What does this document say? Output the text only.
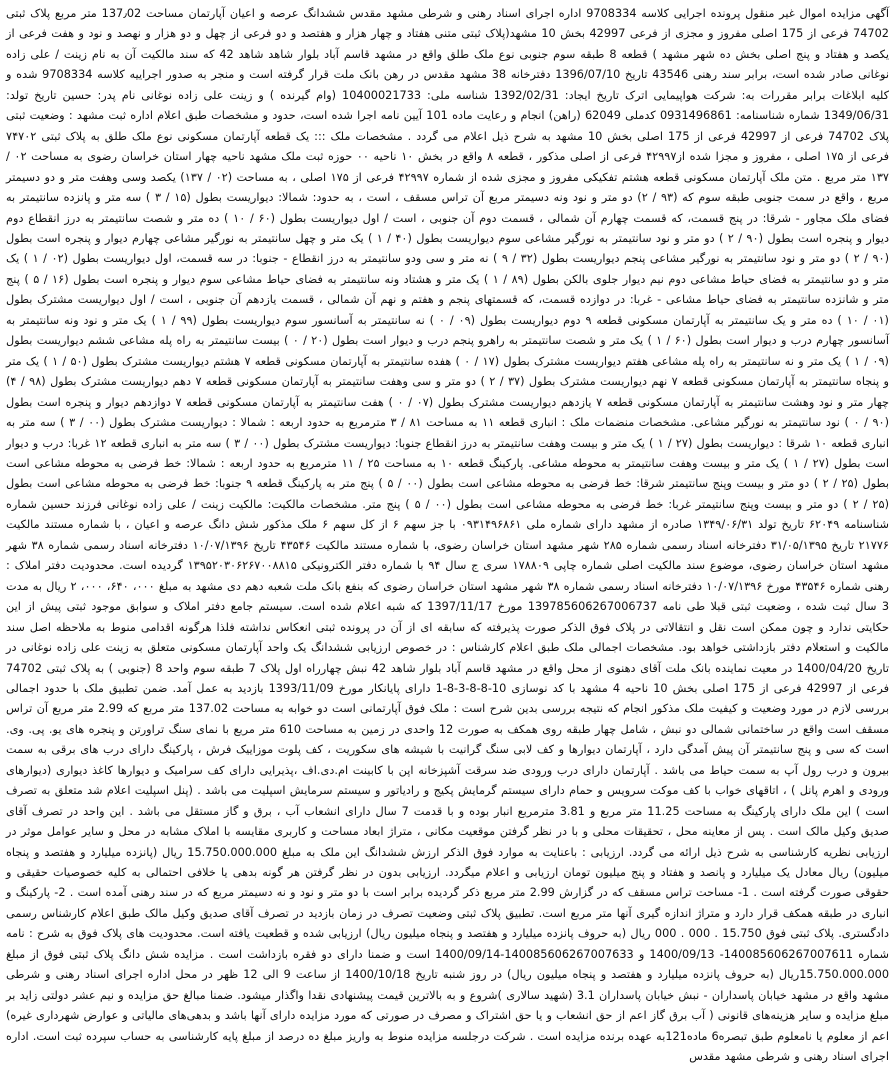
آگهی مزایده اموال غیر منقول پرونده اجرایی کلاسه 9708334 اداره اجرای اسناد رهنی و شرطی مشهد مقدس ششدانگ عرصه و اعیان آپارتمان مساحت 137٫02 متر مربع پلاک ثبتی 74702 فرعی از 175 اصلی مفروز و مجزی از فرعی 42997 بخش 10 مشهد(پلاک ثبتی متنی هفتاد و چهار هزار و هفتصد و دو فرعی از چهل و دو هزار و نهصد و نود و هفت فرعی از یکصد و هفتاد و پنج اصلی بخش ده شهر مشهد ) قطعه 8 طبقه سوم جنوبی نوع ملک طلق واقع در مشهد قاسم آباد بلوار شاهد شاهد 42 که سند مالکیت آن به نام زینت / علی زاده نوغانی صادر شده است، برابر سند رهنی 43546 تاریخ 1396/07/10 دفترخانه 38 مشهد مقدس در رهن بانک ملت قرار گرفته است و منجر به صدور اجراییه کلاسه 9708334 شده و کلیه ابلاغات برابر مقررات به: شرکت هواپیمایی اترک تاریخ ایجاد: 1392/02/31 شناسه ملی: 10400021733 (وام گیرنده ) و زینت علی زاده نوغانی نام پدر: حسین تاریخ تولد: 1349/06/31 شماره شناسنامه: 0931496861 کدملی 62049 (راهن) انجام و رعایت ماده 101 آیین نامه اجرا شده است، حدود و مشخصات طبق اعلام اداره ثبت مشهد : وضعیت ثبتی پلاک 74702 فرعی از 42997 فرعی از 175 اصلی بخش 10 مشهد به شرح ذیل اعلام می گردد . مشخصات ملک ::: یک قطعه آپارتمان مسکونی نوع ملک طلق به پلاک ثبتی ۷۴۷۰۲ فرعی از ۱۷۵ اصلی ، مفروز و مجزا شده از۴۲۹۹۷ فرعی از اصلی مذکور ، قطعه ۸ واقع در بخش ۱۰ ناحیه ۰۰ حوزه ثبت ملک مشهد ناحیه چهار استان خراسان رضوی به مساحت ۰۲ / ۱۳۷ متر مربع . متن ملک آپارتمان مسکونی قطعه هشتم تفکیکی مفروز و مجزی شده از شماره ۴۲۹۹۷ فرعی از ۱۷۵ اصلی ، به مساحت (۰۲ / ۱۳۷) یکصد وسی وهفت متر و دو دسیمتر مربع ، واقع در سمت جنوبی طبقه سوم که (۹۳ / ۲) دو متر و نود ونه دسیمتر مربع آن تراس مسقف ، است ، به حدود: شمالا: دیواریست بطول (۱۵ / ۳ ) سه متر و پانزده سانتیمتر به فضای ملک مجاور - شرقا: در پنج قسمت، که قسمت چهارم آن شمالی ، قسمت دوم آن جنوبی ، است / اول دیواریست بطول (۶۰ / ۱۰ ) ده متر و شصت سانتیمتر به درز انقطاع دوم دیوار و پنجره است بطول (۹۰ / ۲ ) دو متر و نود سانتیمتر به نورگیر مشاعی سوم دیواریست بطول (۴۰ / ۱ ) یک متر و چهل سانتیمتر به نورگیر مشاعی چهارم دیوار و پنجره است بطول (۹۰ / ۲ ) دو متر و نود سانتیمتر به نورگیر مشاعی پنجم دیواریست بطول (۳۲ / ۹ ) نه متر و سی ودو سانتیمتر به درز انقطاع - جنوبا: در سه قسمت، اول دیواریست بطول (۰۲ / ۱ ) یک متر و دو سانتیمتر به فضای حیاط مشاعی دوم نیم دیوار جلوی بالکن بطول (۸۹ / ۱ ) یک متر و هشتاد ونه سانتیمتر به فضای حیاط مشاعی سوم دیوار و پنجره است بطول (۱۶ / ۵ ) پنج متر و شانزده سانتیمتر به فضای حیاط مشاعی - غربا: در دوازده قسمت، که قسمتهای پنجم و هفتم و نهم آن شمالی ، قسمت یازدهم آن جنوبی ، است / اول دیواریست مشترک بطول (۰۱ / ۱۰ ) ده متر و یک سانتیمتر به آپارتمان مسکونی قطعه ۹ دوم دیواریست بطول (۰۹ / ۰ ) نه سانتیمتر به آسانسور سوم دیواریست بطول (۹۹ / ۱ ) یک متر و نود ونه سانتیمتر به آسانسور چهارم درب و دیوار است بطول (۶۰ / ۱ ) یک متر و شصت سانتیمتر به راهرو پنجم درب و دیوار است بطول (۲۰ / ۰ ) بیست سانتیمتر به راه پله مشاعی ششم دیواریست بطول (۰۹ / ۱ ) یک متر و نه سانتیمتر به راه پله مشاعی هفتم دیواریست مشترک بطول (۱۷ / ۰ ) هفده سانتیمتر به آپارتمان مسکونی قطعه ۷ هشتم دیواریست مشترک بطول (۵۰ / ۱ ) یک متر و پنجاه سانتیمتر به آپارتمان مسکونی قطعه ۷ نهم دیواریست مشترک بطول (۳۷ / ۲ ) دو متر و سی وهفت سانتیمتر به آپارتمان مسکونی قطعه ۷ دهم دیواریست مشترک بطول (۹۸ / ۴) چهار متر و نود وهشت سانتیمتر به آپارتمان مسکونی قطعه ۷ یازدهم دیواریست مشترک بطول (۰۷ / ۰ ) هفت سانتیمتر به آپارتمان مسکونی قطعه ۷ دوازدهم دیوار و پنجره است بطول (۹۰ / ۰ ) نود سانتیمتر به نورگیر مشاعی. مشخصات منضمات ملک : انباری قطعه ۱۱ به مساحت ۸۱ / ۳ مترمربع به حدود اربعه : شمالا : دیواریست مشترک بطول (۰۰ / ۳ ) سه متر به انباری قطعه ۱۰ شرقا : دیواریست بطول (۲۷ / ۱ ) یک متر و بیست وهفت سانتیمتر به درز انقطاع جنوبا: دیواریست مشترک بطول (۰۰ / ۳ ) سه متر به انباری قطعه ۱۲ غربا: درب و دیوار است بطول (۲۷ / ۱ ) یک متر و بیست وهفت سانتیمتر به محوطه مشاعی. پارکینگ قطعه ۱۰ به مساحت ۲۵ / ۱۱ مترمربع به حدود اربعه : شمالا: خط فرضی به محوطه مشاعی است بطول (۲۵ / ۲ ) دو متر و بیست وپنج سانتیمتر شرقا: خط فرضی به محوطه مشاعی است بطول (۰۰ / ۵ ) پنج متر به پارکینگ قطعه ۹ جنوبا: خط فرضی به محوطه مشاعی است بطول (۲۵ / ۲ ) دو متر و بیست وپنج سانتیمتر غربا: خط فرضی به محوطه مشاعی است بطول (۰۰ / ۵ ) پنج متر. مشخصات مالکیت: مالکیت زینت / علی زاده نوغانی فرزند حسین شماره شناسنامه ۶۲۰۴۹ تاریخ تولد ۱۳۴۹/۰۶/۳۱ صادره از مشهد دارای شماره ملی ۰۹۳۱۴۹۶۸۶۱ با جز سهم ۶ از کل سهم ۶ ملک مذکور شش دانگ عرصه و اعیان ، با شماره مستند مالکیت ۲۱۷۷۶ تاریخ ۳۱/۰۵/۱۳۹۵ دفترخانه اسناد رسمی شماره ۲۸۵ شهر مشهد استان خراسان رضوی، با شماره مستند مالکیت ۴۳۵۴۶ تاریخ ۱۰/۰۷/۱۳۹۶ دفترخانه اسناد رسمی شماره ۳۸ شهر مشهد استان خراسان رضوی، موضوع سند مالکیت اصلی شماره چاپی ۱۷۸۸۰۹ سری ج سال ۹۴ با شماره دفتر الکترونیکی ۱۳۹۵۲۰۳۰۶۲۶۷۰۰۸۸۱۵ گردیده است. محدودیت دفتر املاک : رهنی شماره ۴۳۵۴۶ مورخ ۱۰/۰۷/۱۳۹۶ دفترخانه اسناد رسمی شماره ۳۸ شهر مشهد استان خراسان رضوی که بنفع بانک ملت شعبه دهم دی مشهد به مبلغ ۰۰۰، ۶۴۰، ۰۰۰، ۲ ریال به مدت 3 سال ثبت شده ، وضعیت ثبتی قبلا طی نامه 139785606267006737 مورخ 1397/11/17 که شبه اعلام شده است. سیستم جامع دفتر املاک و سوابق موجود ثبتی پیش از این حکایتی ندارد و چون ممکن است نقل و انتقالاتی در پلاک فوق الذکر صورت پذیرفته که سابقه ای از آن در پرونده ثبتی انعکاس نداشته فلذا هرگونه اقدامی منوط به ملاحظه اصل سند مالکیت و استعلام دفتر بازداشتی خواهد بود. مشخصات اجمالی ملک طبق اعلام کارشناس : در خصوص ارزیابی ششدانگ یک واحد آپارتمان مسکونی متعلق به زینت علی زاده نوغانی در تاریخ 1400/04/20 در معیت نماینده بانک ملت آقای دهنوی از محل واقع در مشهد قاسم آباد بلوار شاهد 42 نبش چهارراه اول پلاک 7 طبقه سوم واحد 8 (جنوبی ) به پلاک ثبتی 74702 فرعی از 42997 فرعی از 175 اصلی بخش 10 ناحیه 4 مشهد با کد نوسازی 10-8-8-3-8-1 دارای پایانکار مورخ 1393/11/09 بازدید به عمل آمد. ضمن تطبیق ملک با حدود اجمالی بررسی لازم در مورد وضعیت و کیفیت ملک مذکور انجام که نتیجه بررسی بدین شرح است : ملک فوق آپارتمانی است دو خوابه به مساحت 137.02 متر مربع که 2.99 متر مربع آن تراس مسقف است واقع در ساختمانی شمالی دو نبش ، شامل چهار طبقه روی همکف به صورت 12 واحدی در زمین به مساحت 610 متر مربع با نمای سنگ تراورتن و پنجره های یو. پی. وی. است که سی و پنج سانتیمتر آن پیش آمدگی دارد ، آپارتمان دیوارها و کف لابی سنگ گرانیت با شیشه های سکوریت ، کف پلوت موزاییک فرش ، پارکینگ دارای درب های برقی به سمت بیرون و درب رول آپ به سمت حیاط می باشد . آپارتمان دارای درب ورودی ضد سرقت آشپزخانه اپن با کابینت ام.دی.اف ،پذیرایی دارای کف سرامیک و دیوارها کاغذ دیواری (دیوارهای ورودی و اهرم پانل ) ، اتاقهای خواب با کف موکت سرویس و حمام دارای سیستم گرمایش پکیج و رادیاتور و سیستم سرمایش اسپلیت می باشد . (پنل اسپلیت اعلام شد متعلق به تصرف است ) این ملک دارای پارکینگ به مساحت 11.25 متر مربع و 3.81 مترمربع انبار بوده و با قدمت 7 سال دارای انشعاب آب ، برق و گاز مستقل می باشد . این واحد در تصرف آقای صدیق وکیل مالک است . پس از معاینه محل ، تحقیقات محلی و با در نظر گرفتن موقعیت مکانی ، متراژ ابعاد مساحت و کاربری مقایسه با املاک مشابه در محل و سایر عوامل موثر در ارزیابی نظریه کارشناسی به شرح ذیل ارائه می گردد. ارزیابی : باعنایت به موارد فوق الذکر ارزش ششدانگ این ملک به مبلغ 15.750.000.000 ریال (پانزده میلیارد و هفتصد و پنجاه میلیون) ریال معادل یک میلیارد و پانصد و هفتاد و پنج میلیون تومان ارزیابی و اعلام میگردد. ارزیابی بدون در نظر گرفتن هر گونه بدهی یا خلافی احتمالی به کلیه خصوصیات حقیقی و حقوقی صورت گرفته است . 1- مساحت تراس مسقف که در گزارش 2.99 متر مربع ذکر گردیده برابر است با دو متر و نود و نه دسیمتر مربع که در سند رهنی آمده است . 2- پارکینگ و انباری در طبقه همکف قرار دارد و متراژ اندازه گیری آنها متر مربع است. تطبیق پلاک ثبتی وضعیت تصرف در زمان بازدید در تصرف آقای صدیق وکیل مالک طبق اعلام کارشناس رسمی دادگستری. پلاک ثبتی فوق 15.750 . 000 . 000 ریال (به حروف پانزده میلیارد و هفتصد و پنجاه میلیون ریال) ارزیابی شده و قطعیت یافته است. محدودیت های پلاک فوق به شرح : نامه شماره 140085606267007611- 1400/09/13 و 140085606267007633-1400/09/14 است و ضمنا دارای دو فقره بازداشت است . مزایده شش دانگ پلاک ثبتی فوق از مبلغ 15.750.000.000ریال (به حروف پانزده میلیارد و هفتصد و پنجاه میلیون ریال) در روز شنبه تاریخ 1400/10/18 از ساعت 9 الی 12 ظهر در محل اداره اجرای اسناد رهنی و شرطی مشهد واقع در مشهد خیابان پاسداران - نبش خیابان پاسداران 3.1 (شهید سالاری )شروع و به بالاترین قیمت پیشنهادی نقدا واگذار میشود. ضمنا مبالغ حق مزایده و نیم عشر دولتی زاید بر مبلغ مزایده و سایر هزینه‌های قانونی ( آب برق گاز اعم از حق انشعاب و یا حق اشتراک و مصرف در صورتی که مورد مزایده دارای آنها باشد و بدهی‌های مالیاتی و عوارض شهرداری غیره) اعم از معلوم یا نامعلوم طبق تبصره6 ماده121به عهده برنده مزایده است . شرکت درجلسه مزایده منوط به واریز مبلغ ده درصد از مبلغ پایه کارشناسی به حساب سپرده ثبت است. اداره اجرای اسناد رهنی و شرطی مشهد مقدس
